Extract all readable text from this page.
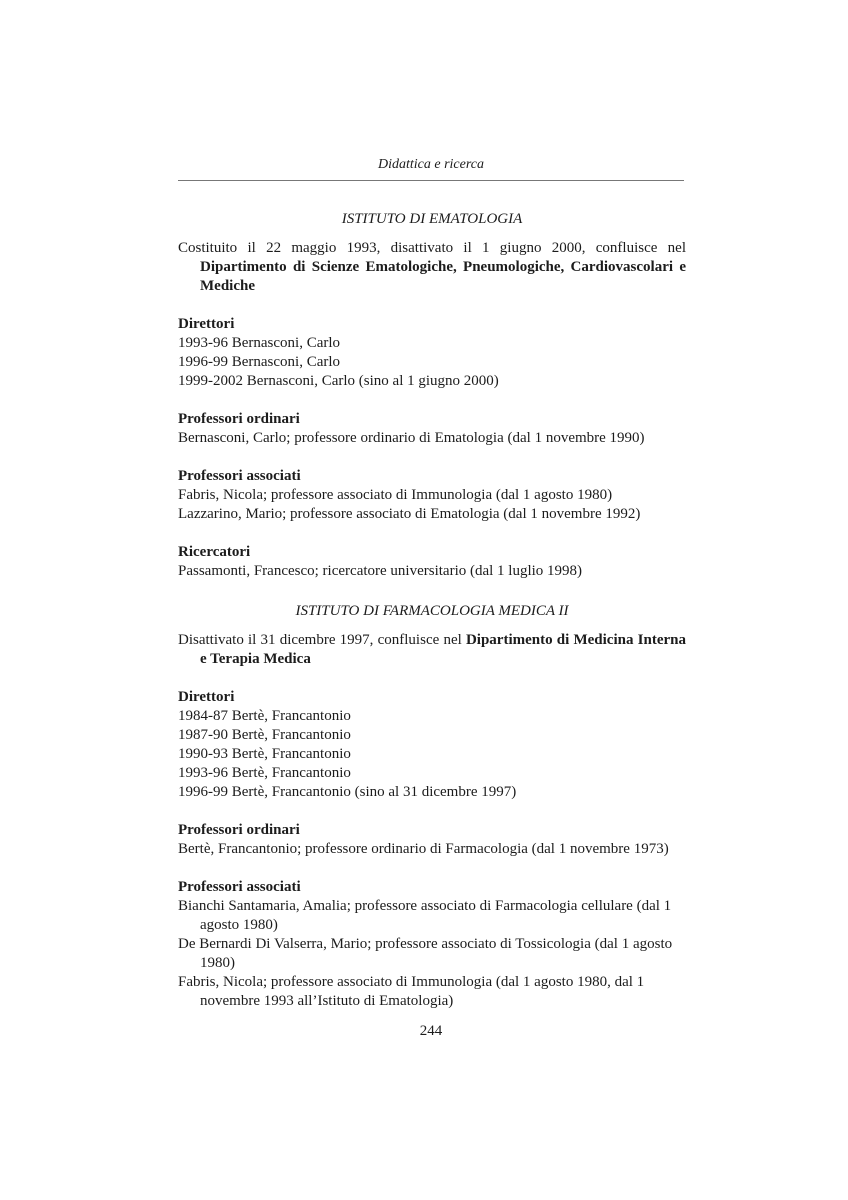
Didattica e ricerca

ISTITUTO DI EMATOLOGIA

Costituito il 22 maggio 1993, disattivato il 1 giugno 2000, confluisce nel Dipartimento di Scienze Ematologiche, Pneumologiche, Cardiovascolari e Mediche

Direttori

1993-96 Bernasconi, Carlo

1996-99 Bernasconi, Carlo

1999-2002 Bernasconi, Carlo (sino al 1 giugno 2000)

Professori ordinari

Bernasconi, Carlo; professore ordinario di Ematologia (dal 1 novembre 1990)

Professori associati

Fabris, Nicola; professore associato di Immunologia (dal 1 agosto 1980)

Lazzarino, Mario; professore associato di Ematologia (dal 1 novembre 1992)

Ricercatori

Passamonti, Francesco; ricercatore universitario (dal 1 luglio 1998)

ISTITUTO DI FARMACOLOGIA MEDICA II

Disattivato il 31 dicembre 1997, confluisce nel Dipartimento di Medicina Interna e Terapia Medica

Direttori

1984-87 Bertè, Francantonio

1987-90 Bertè, Francantonio

1990-93 Bertè, Francantonio

1993-96 Bertè, Francantonio

1996-99 Bertè, Francantonio (sino al 31 dicembre 1997)

Professori ordinari

Bertè, Francantonio; professore ordinario di Farmacologia (dal 1 novembre 1973)

Professori associati

Bianchi Santamaria, Amalia; professore associato di Farmacologia cellulare (dal 1 agosto 1980)

De Bernardi Di Valserra, Mario; professore associato di Tossicologia (dal 1 agosto 1980)

Fabris, Nicola; professore associato di Immunologia (dal 1 agosto 1980, dal 1 novembre 1993 all’Istituto di Ematologia)

244
